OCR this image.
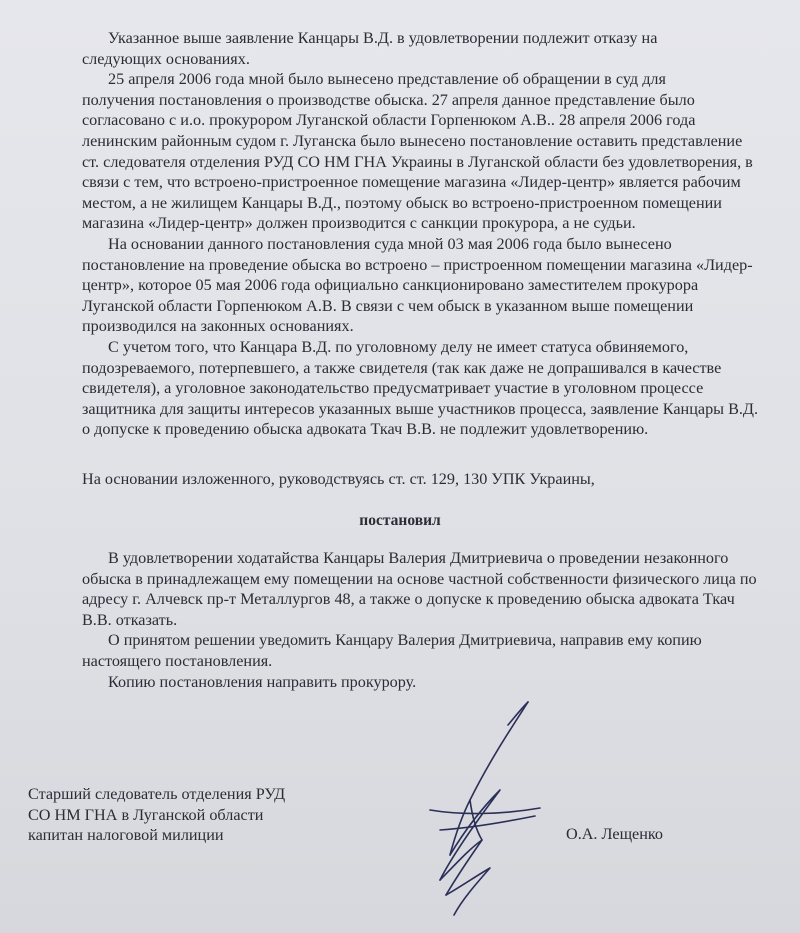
Указанное выше заявление Канцары В.Д. в удовлетворении подлежит отказу на
следующих основаниях.

25 апреля 2006 года мной было вынесено представление об обращении в суд для
получения постановления о производстве обыска. 27 апреля данное представление было
согласовано с и.о. прокурором Луганской области Горпенюком А.В.. 28 апреля 2006 года
ленинским районным судом г. Луганска было вынесено постановление оставить представление
ст. следователя отделения РУД СО НМ ГНА Украины в Луганской области без удовлетворения, в
связи с тем, что встроено-пристроенное помещение магазина «Лидер-центр» является рабочим
местом, а не жилищем Канцары В.Д., поэтому обыск во встроено-пристроенном помещении
магазина «Лидер-центр» должен производится с санкции прокурора, а не судьи.

На основании данного постановления суда мной 03 мая 2006 года было вынесено
постановление на проведение обыска во встроено – пристроенном помещении магазина «Лидер-
центр», которое 05 мая 2006 года официально санкционировано заместителем прокурора
Луганской области Горпенюком А.В. В связи с чем обыск в указанном выше помещении
производился на законных основаниях.

С учетом того, что Канцара В.Д. по уголовному делу не имеет статуса обвиняемого,
подозреваемого, потерпевшего, а также свидетеля (так как даже не допрашивался в качестве
свидетеля), а уголовное законодательство предусматривает участие в уголовном процессе
защитника для защиты интересов указанных выше участников процесса, заявление Канцары В.Д.
о допуске к проведению обыска адвоката Ткач В.В. не подлежит удовлетворению.

На основании изложенного, руководствуясь ст. ст. 129, 130 УПК Украины,
постановил

В удовлетворении ходатайства Канцары Валерия Дмитриевича о проведении незаконного
обыска в принадлежащем ему помещении на основе частной собственности физического лица по
адресу г. Алчевск пр-т Металлургов 48, а также о допуске к проведению обыска адвоката Ткач
В.В. отказать.

О принятом решении уведомить Канцару Валерия Дмитриевича, направив ему копию
настоящего постановления.

Копию постановления направить прокурору.

Старший следователь отделения РУД
СО НМ ГНА в Луганской области
капитан налоговой милиции	О.А. Лещенко
